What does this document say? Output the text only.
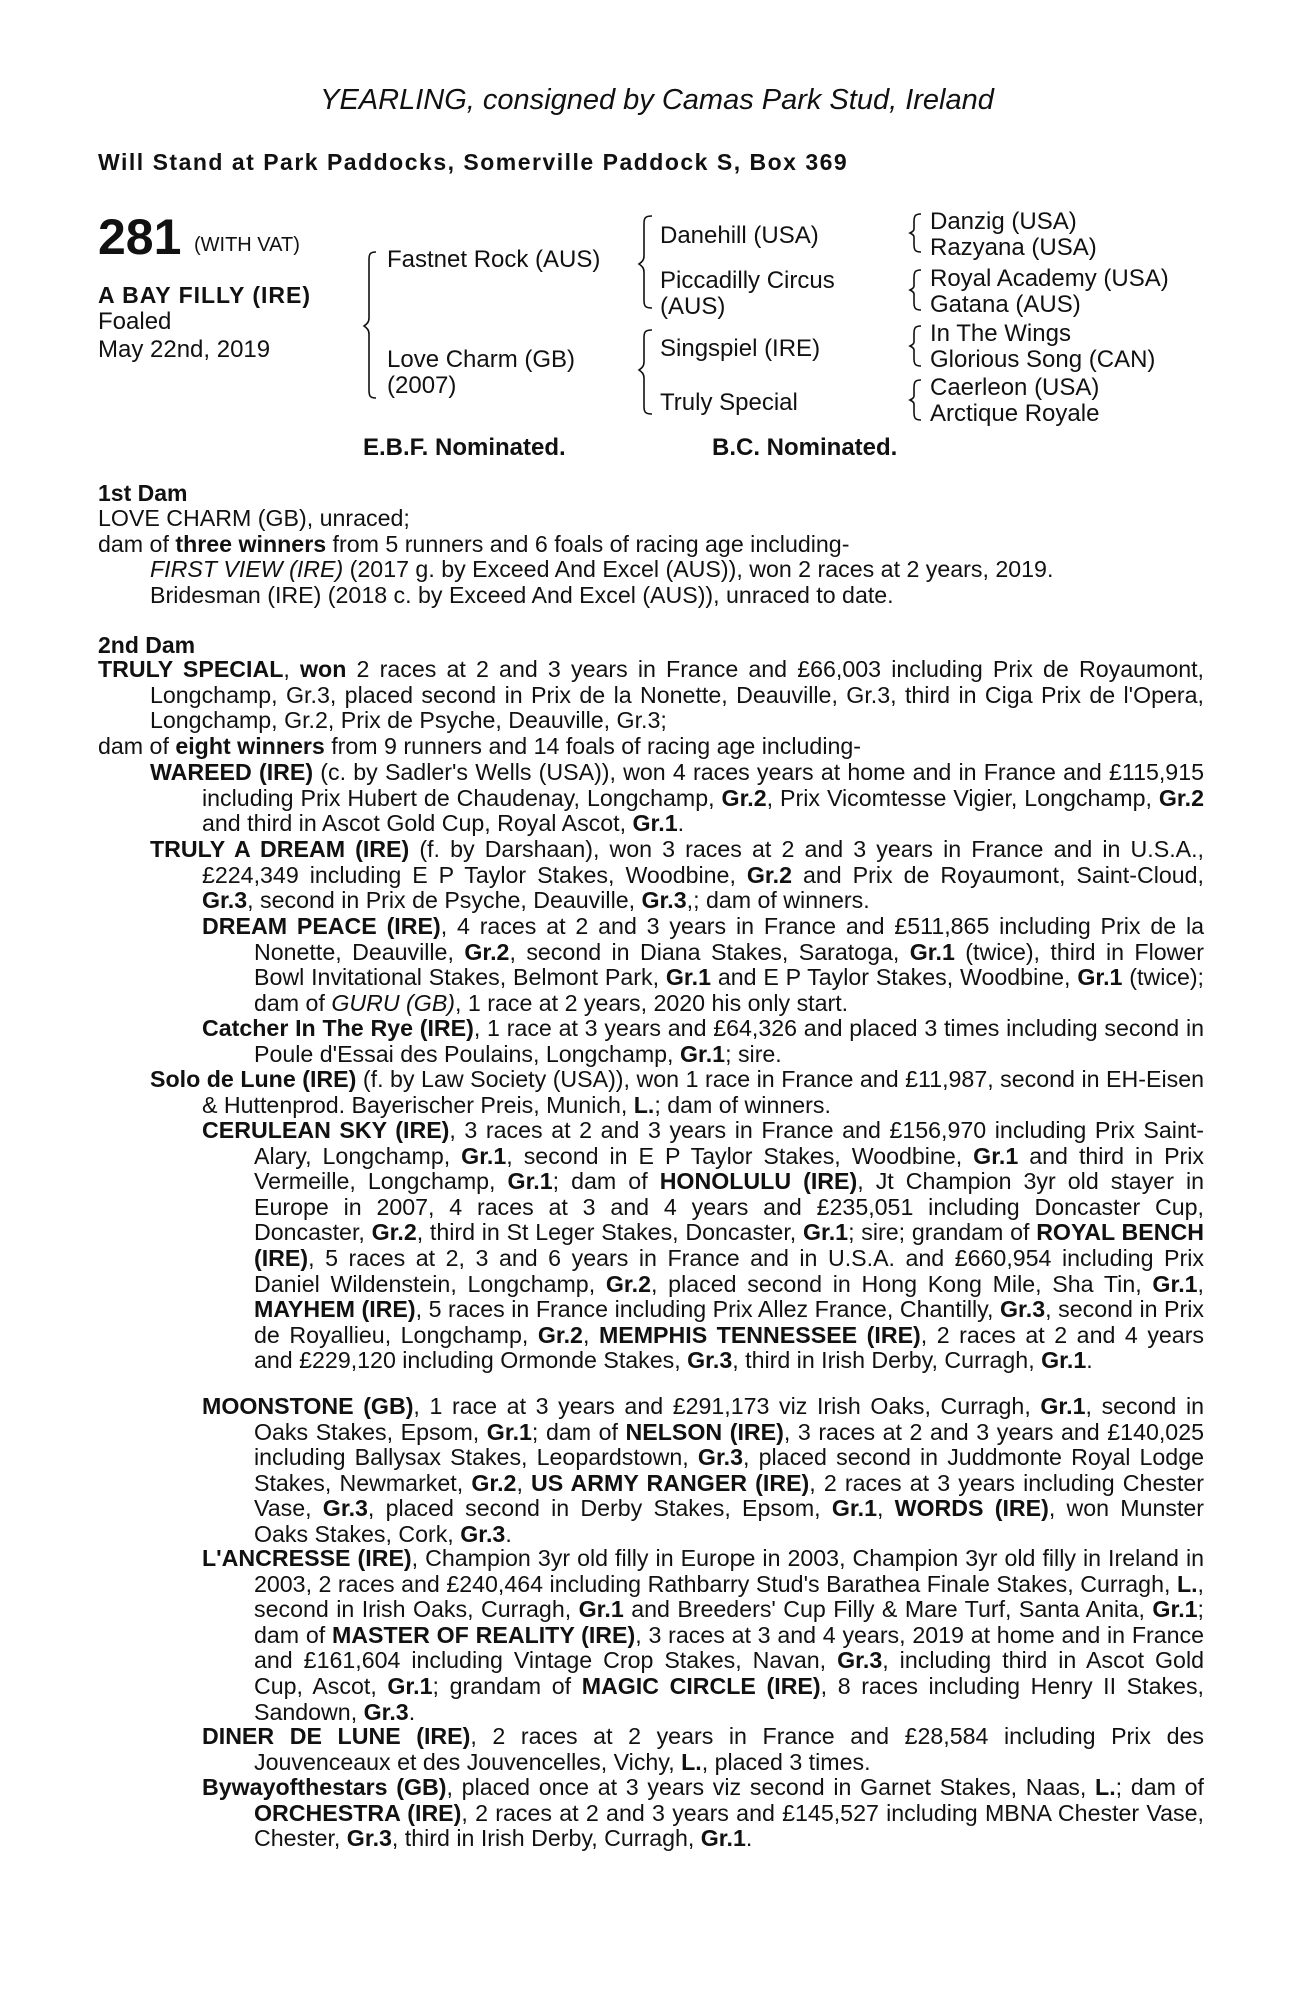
YEARLING, consigned by Camas Park Stud, Ireland
Will Stand at Park Paddocks, Somerville Paddock S, Box 369
281 (WITH VAT)
A BAY FILLY (IRE)
Foaled
May 22nd, 2019
Fastnet Rock (AUS)
Love Charm (GB)
(2007)
Danehill (USA)
Piccadilly Circus
(AUS)
Singspiel (IRE)
Truly Special
Danzig (USA)
Razyana (USA)
Royal Academy (USA)
Gatana (AUS)
In The Wings
Glorious Song (CAN)
Caerleon (USA)
Arctique Royale
E.B.F. Nominated.	B.C. Nominated.
1st Dam
LOVE CHARM (GB), unraced;
dam of three winners from 5 runners and 6 foals of racing age including-
FIRST VIEW (IRE) (2017 g. by Exceed And Excel (AUS)), won 2 races at 2 years, 2019.
Bridesman (IRE) (2018 c. by Exceed And Excel (AUS)), unraced to date.
2nd Dam
TRULY SPECIAL, won 2 races at 2 and 3 years in France and £66,003 including Prix de Royaumont, Longchamp, Gr.3, placed second in Prix de la Nonette, Deauville, Gr.3, third in Ciga Prix de l'Opera, Longchamp, Gr.2, Prix de Psyche, Deauville, Gr.3;
dam of eight winners from 9 runners and 14 foals of racing age including-
WAREED (IRE) (c. by Sadler's Wells (USA)), won 4 races years at home and in France and £115,915 including Prix Hubert de Chaudenay, Longchamp, Gr.2, Prix Vicomtesse Vigier, Longchamp, Gr.2 and third in Ascot Gold Cup, Royal Ascot, Gr.1.
TRULY A DREAM (IRE) (f. by Darshaan), won 3 races at 2 and 3 years in France and in U.S.A., £224,349 including E P Taylor Stakes, Woodbine, Gr.2 and Prix de Royaumont, Saint-Cloud, Gr.3, second in Prix de Psyche, Deauville, Gr.3,; dam of winners.
DREAM PEACE (IRE), 4 races at 2 and 3 years in France and £511,865 including Prix de la Nonette, Deauville, Gr.2, second in Diana Stakes, Saratoga, Gr.1 (twice), third in Flower Bowl Invitational Stakes, Belmont Park, Gr.1 and E P Taylor Stakes, Woodbine, Gr.1 (twice); dam of GURU (GB), 1 race at 2 years, 2020 his only start.
Catcher In The Rye (IRE), 1 race at 3 years and £64,326 and placed 3 times including second in Poule d'Essai des Poulains, Longchamp, Gr.1; sire.
Solo de Lune (IRE) (f. by Law Society (USA)), won 1 race in France and £11,987, second in EH-Eisen & Huttenprod. Bayerischer Preis, Munich, L.; dam of winners.
CERULEAN SKY (IRE), 3 races at 2 and 3 years in France and £156,970 including Prix Saint-Alary, Longchamp, Gr.1, second in E P Taylor Stakes, Woodbine, Gr.1 and third in Prix Vermeille, Longchamp, Gr.1; dam of HONOLULU (IRE), Jt Champion 3yr old stayer in Europe in 2007, 4 races at 3 and 4 years and £235,051 including Doncaster Cup, Doncaster, Gr.2, third in St Leger Stakes, Doncaster, Gr.1; sire; grandam of ROYAL BENCH (IRE), 5 races at 2, 3 and 6 years in France and in U.S.A. and £660,954 including Prix Daniel Wildenstein, Longchamp, Gr.2, placed second in Hong Kong Mile, Sha Tin, Gr.1, MAYHEM (IRE), 5 races in France including Prix Allez France, Chantilly, Gr.3, second in Prix de Royallieu, Longchamp, Gr.2, MEMPHIS TENNESSEE (IRE), 2 races at 2 and 4 years and £229,120 including Ormonde Stakes, Gr.3, third in Irish Derby, Curragh, Gr.1.
MOONSTONE (GB), 1 race at 3 years and £291,173 viz Irish Oaks, Curragh, Gr.1, second in Oaks Stakes, Epsom, Gr.1; dam of NELSON (IRE), 3 races at 2 and 3 years and £140,025 including Ballysax Stakes, Leopardstown, Gr.3, placed second in Juddmonte Royal Lodge Stakes, Newmarket, Gr.2, US ARMY RANGER (IRE), 2 races at 3 years including Chester Vase, Gr.3, placed second in Derby Stakes, Epsom, Gr.1, WORDS (IRE), won Munster Oaks Stakes, Cork, Gr.3.
L'ANCRESSE (IRE), Champion 3yr old filly in Europe in 2003, Champion 3yr old filly in Ireland in 2003, 2 races and £240,464 including Rathbarry Stud's Barathea Finale Stakes, Curragh, L., second in Irish Oaks, Curragh, Gr.1 and Breeders' Cup Filly & Mare Turf, Santa Anita, Gr.1; dam of MASTER OF REALITY (IRE), 3 races at 3 and 4 years, 2019 at home and in France and £161,604 including Vintage Crop Stakes, Navan, Gr.3, including third in Ascot Gold Cup, Ascot, Gr.1; grandam of MAGIC CIRCLE (IRE), 8 races including Henry II Stakes, Sandown, Gr.3.
DINER DE LUNE (IRE), 2 races at 2 years in France and £28,584 including Prix des Jouvenceaux et des Jouvencelles, Vichy, L., placed 3 times.
Bywayofthestars (GB), placed once at 3 years viz second in Garnet Stakes, Naas, L.; dam of ORCHESTRA (IRE), 2 races at 2 and 3 years and £145,527 including MBNA Chester Vase, Chester, Gr.3, third in Irish Derby, Curragh, Gr.1.
